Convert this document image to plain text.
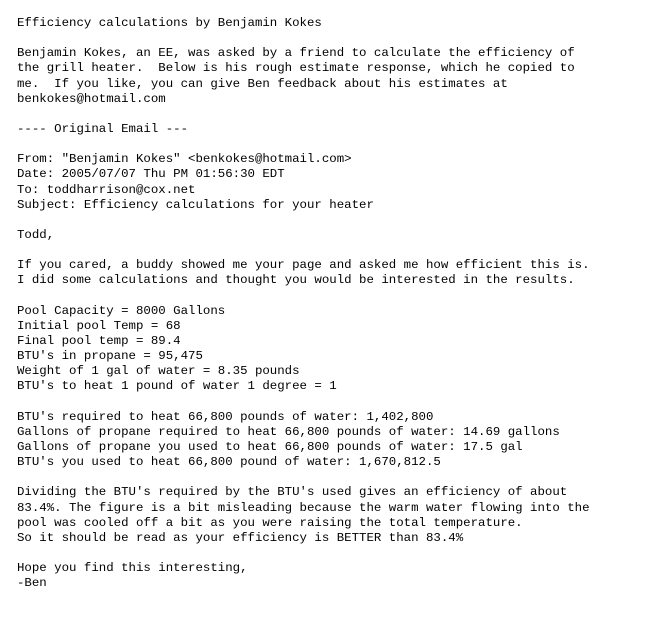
Efficiency calculations by Benjamin Kokes
Benjamin Kokes, an EE, was asked by a friend to calculate the efficiency of
the grill heater.  Below is his rough estimate response, which he copied to
me.  If you like, you can give Ben feedback about his estimates at
benkokes@hotmail.com
---- Original Email ---
From: "Benjamin Kokes" <benkokes@hotmail.com>
Date: 2005/07/07 Thu PM 01:56:30 EDT
To: toddharrison@cox.net
Subject: Efficiency calculations for your heater
Todd,
If you cared, a buddy showed me your page and asked me how efficient this is.
I did some calculations and thought you would be interested in the results.
Pool Capacity = 8000 Gallons
Initial pool Temp = 68
Final pool temp = 89.4
BTU's in propane = 95,475
Weight of 1 gal of water = 8.35 pounds
BTU's to heat 1 pound of water 1 degree = 1
BTU's required to heat 66,800 pounds of water: 1,402,800
Gallons of propane required to heat 66,800 pounds of water: 14.69 gallons
Gallons of propane you used to heat 66,800 pounds of water: 17.5 gal
BTU's you used to heat 66,800 pound of water: 1,670,812.5
Dividing the BTU's required by the BTU's used gives an efficiency of about
83.4%. The figure is a bit misleading because the warm water flowing into the
pool was cooled off a bit as you were raising the total temperature.
So it should be read as your efficiency is BETTER than 83.4%
Hope you find this interesting,
-Ben
